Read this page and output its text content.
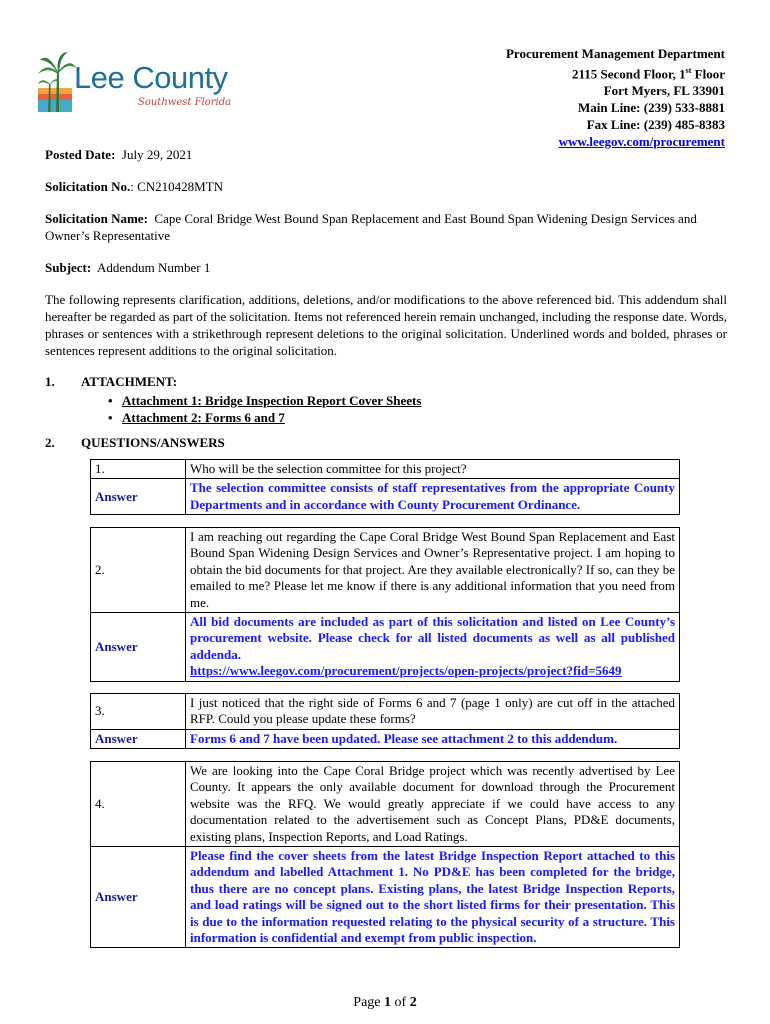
Lee County
Southwest Florida
Procurement Management Department
2115 Second Floor, 1st Floor
Fort Myers, FL 33901
Main Line: (239) 533-8881
Fax Line: (239) 485-8383
www.leegov.com/procurement
Posted Date: July 29, 2021
Solicitation No.: CN210428MTN
Solicitation Name: Cape Coral Bridge West Bound Span Replacement and East Bound Span Widening Design Services and Owner’s Representative
Subject: Addendum Number 1
The following represents clarification, additions, deletions, and/or modifications to the above referenced bid. This addendum shall hereafter be regarded as part of the solicitation. Items not referenced herein remain unchanged, including the response date. Words, phrases or sentences with a strikethrough represent deletions to the original solicitation. Underlined words and bolded, phrases or sentences represent additions to the original solicitation.
1. ATTACHMENT:
• Attachment 1: Bridge Inspection Report Cover Sheets
• Attachment 2: Forms 6 and 7
2. QUESTIONS/ANSWERS
1.	Who will be the selection committee for this project?
Answer	The selection committee consists of staff representatives from the appropriate County Departments and in accordance with County Procurement Ordinance.
2.	I am reaching out regarding the Cape Coral Bridge West Bound Span Replacement and East Bound Span Widening Design Services and Owner’s Representative project. I am hoping to obtain the bid documents for that project. Are they available electronically? If so, can they be emailed to me? Please let me know if there is any additional information that you need from me.
Answer	All bid documents are included as part of this solicitation and listed on Lee County’s procurement website. Please check for all listed documents as well as all published addenda.
https://www.leegov.com/procurement/projects/open-projects/project?fid=5649
3.	I just noticed that the right side of Forms 6 and 7 (page 1 only) are cut off in the attached RFP. Could you please update these forms?
Answer	Forms 6 and 7 have been updated. Please see attachment 2 to this addendum.
4.	We are looking into the Cape Coral Bridge project which was recently advertised by Lee County. It appears the only available document for download through the Procurement website was the RFQ. We would greatly appreciate if we could have access to any documentation related to the advertisement such as Concept Plans, PD&E documents, existing plans, Inspection Reports, and Load Ratings.
Answer	Please find the cover sheets from the latest Bridge Inspection Report attached to this addendum and labelled Attachment 1. No PD&E has been completed for the bridge, thus there are no concept plans. Existing plans, the latest Bridge Inspection Reports, and load ratings will be signed out to the short listed firms for their presentation. This is due to the information requested relating to the physical security of a structure. This information is confidential and exempt from public inspection.
Page 1 of 2
